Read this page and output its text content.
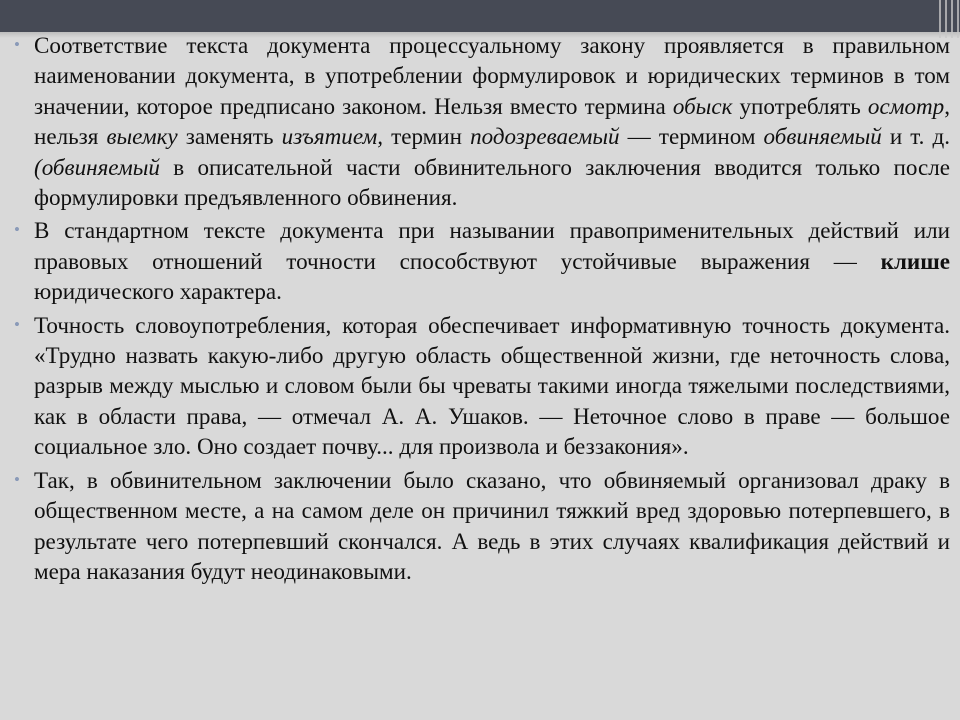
• Соответствие текста документа процессуальному закону проявляется в правильном наименовании документа, в употреблении формулировок и юридических терминов в том значении, которое предписано законом. Нельзя вместо термина обыск употреблять осмотр, нельзя выемку заменять изъятием, термин подозреваемый — термином обвиняемый и т. д. (обвиняемый в описательной части обвинительного заключения вводится только после формулировки предъявленного обвинения.
• В стандартном тексте документа при назывании правоприменительных действий или правовых отношений точности способствуют устойчивые выражения — клише юридического характера.
• Точность словоупотребления, которая обеспечивает информативную точность документа. «Трудно назвать какую-либо другую область общественной жизни, где неточность слова, разрыв между мыслью и словом были бы чреваты такими иногда тяжелыми последствиями, как в области права, — отмечал А. А. Ушаков. — Неточное слово в праве — большое социальное зло. Оно создает почву... для произвола и беззакония».
• Так, в обвинительном заключении было сказано, что обвиняемый организовал драку в общественном месте, а на самом деле он причинил тяжкий вред здоровью потерпевшего, в результате чего потерпевший скончался. А ведь в этих случаях квалификация действий и мера наказания будут неодинаковыми.
